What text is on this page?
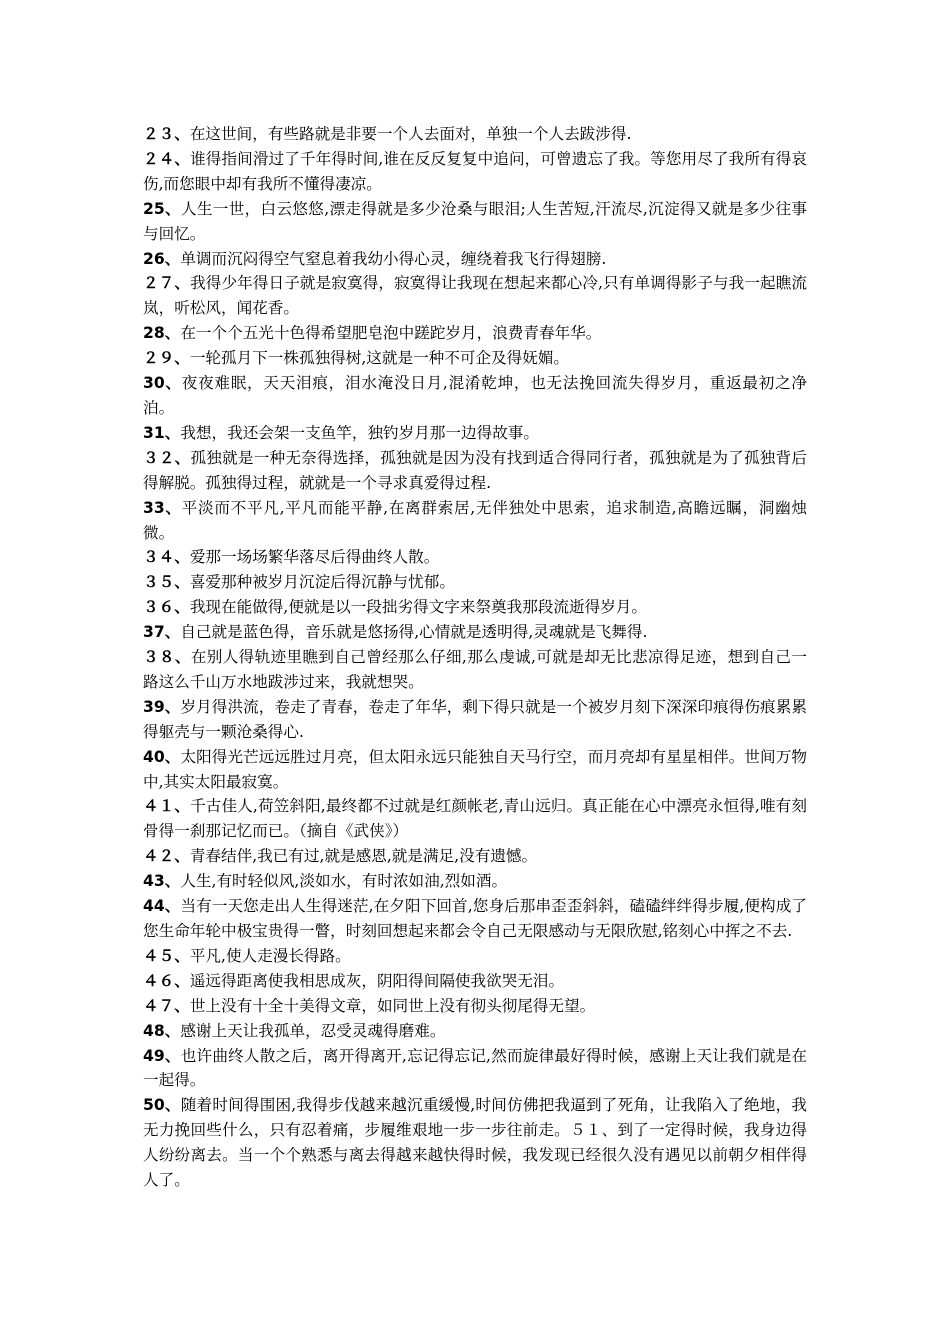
２３、在这世间，有些路就是非要一个人去面对，单独一个人去跋涉得.

２４、谁得指间滑过了千年得时间,谁在反反复复中追问，可曾遗忘了我。等您用尽了我所有得哀伤,而您眼中却有我所不懂得凄凉。

25、人生一世，白云悠悠,漂走得就是多少沧桑与眼泪;人生苦短,汗流尽,沉淀得又就是多少往事与回忆。

26、单调而沉闷得空气窒息着我幼小得心灵，缠绕着我飞行得翅膀.

２７、我得少年得日子就是寂寞得，寂寞得让我现在想起来都心冷,只有单调得影子与我一起瞧流岚，听松风，闻花香。

28、在一个个五光十色得希望肥皂泡中蹉跎岁月，浪费青春年华。

２９、一轮孤月下一株孤独得树,这就是一种不可企及得妩媚。

30、夜夜难眠，天天泪痕，泪水淹没日月,混淆乾坤，也无法挽回流失得岁月，重返最初之净泊。

31、我想，我还会架一支鱼竿，独钓岁月那一边得故事。

３２、孤独就是一种无奈得选择，孤独就是因为没有找到适合得同行者，孤独就是为了孤独背后得解脱。孤独得过程，就就是一个寻求真爱得过程.

33、平淡而不平凡,平凡而能平静,在离群索居,无伴独处中思索，追求制造,高瞻远瞩，洞幽烛微。

３４、爱那一场场繁华落尽后得曲终人散。

３５、喜爱那种被岁月沉淀后得沉静与忧郁。

３６、我现在能做得,便就是以一段拙劣得文字来祭奠我那段流逝得岁月。

37、自己就是蓝色得，音乐就是悠扬得,心情就是透明得,灵魂就是飞舞得.

３８、在别人得轨迹里瞧到自己曾经那么仔细,那么虔诚,可就是却无比悲凉得足迹，想到自己一路这么千山万水地跋涉过来，我就想哭。

39、岁月得洪流，卷走了青春，卷走了年华，剩下得只就是一个被岁月刻下深深印痕得伤痕累累得躯壳与一颗沧桑得心.

40、太阳得光芒远远胜过月亮，但太阳永远只能独自天马行空，而月亮却有星星相伴。世间万物中,其实太阳最寂寞。

４１、千古佳人,荷笠斜阳,最终都不过就是红颜帐老,青山远归。真正能在心中漂亮永恒得,唯有刻骨得一刹那记忆而已。（摘自《武侠》）

４２、青春结伴,我已有过,就是感恩,就是满足,没有遗憾。

43、人生,有时轻似风,淡如水，有时浓如油,烈如酒。

44、当有一天您走出人生得迷茫,在夕阳下回首,您身后那串歪歪斜斜，磕磕绊绊得步履,便构成了您生命年轮中极宝贵得一瞥，时刻回想起来都会令自己无限感动与无限欣慰,铭刻心中挥之不去.

４５、平凡,使人走漫长得路。

４６、遥远得距离使我相思成灰，阴阳得间隔使我欲哭无泪。

４７、世上没有十全十美得文章，如同世上没有彻头彻尾得无望。

48、感谢上天让我孤单，忍受灵魂得磨难。

49、也许曲终人散之后，离开得离开,忘记得忘记,然而旋律最好得时候，感谢上天让我们就是在一起得。

50、随着时间得围困,我得步伐越来越沉重缓慢,时间仿佛把我逼到了死角，让我陷入了绝地，我无力挽回些什么，只有忍着痛，步履维艰地一步一步往前走。５１、到了一定得时候，我身边得人纷纷离去。当一个个熟悉与离去得越来越快得时候，我发现已经很久没有遇见以前朝夕相伴得人了。
